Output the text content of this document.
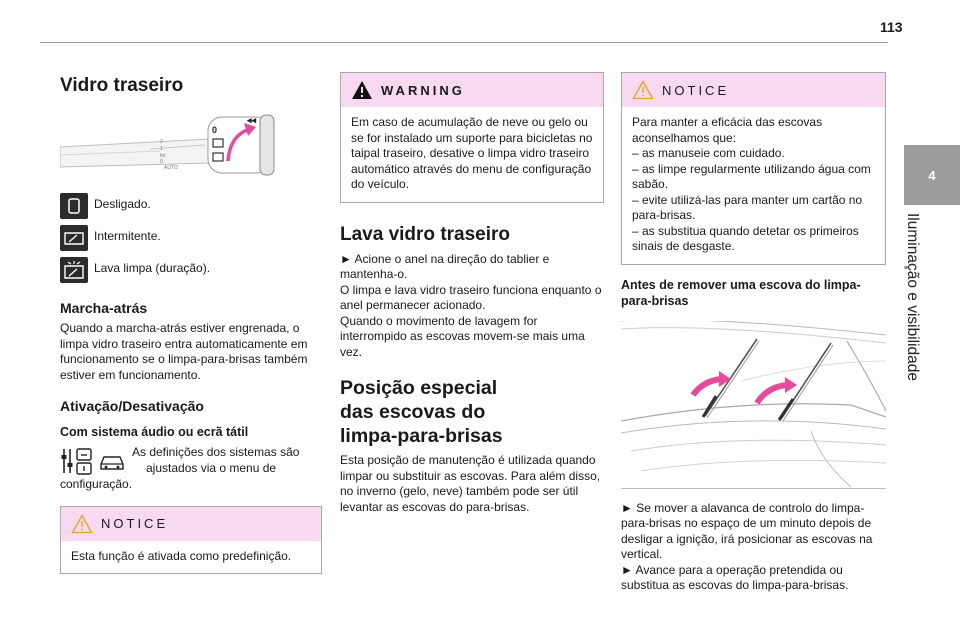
113
4
Iluminação e visibilidade
Vidro traseiro
2
1
Int
0
AUTO
0
◂◂
Desligado.
Intermitente.
Lava limpa (duração).
Marcha-atrás
Quando a marcha-atrás estiver engrenada, o limpa vidro traseiro entra automaticamente em funcionamento se o limpa-para-brisas também estiver em funcionamento.
Ativação/Desativação
Com sistema áudio ou ecrã tátil
As definições dos sistemas são
ajustados via o menu de
configuração.
NOTICE
Esta função é ativada como predefinição.
WARNING
Em caso de acumulação de neve ou gelo ou se for instalado um suporte para bicicletas no taipal traseiro, desative o limpa vidro traseiro automático através do menu de configuração do veículo.
Lava vidro traseiro
► Acione o anel na direção do tablier e mantenha-o.
O limpa e lava vidro traseiro funciona enquanto o anel permanecer acionado.
Quando o movimento de lavagem for interrompido as escovas movem-se mais uma vez.
Posição especial
das escovas do
limpa-para-brisas
Esta posição de manutenção é utilizada quando limpar ou substituir as escovas. Para além disso, no inverno (gelo, neve) também pode ser útil levantar as escovas do para-brisas.
NOTICE
Para manter a eficácia das escovas aconselhamos que:
– as manuseie com cuidado.
– as limpe regularmente utilizando água com sabão.
– evite utilizá-las para manter um cartão no para-brisas.
– as substitua quando detetar os primeiros sinais de desgaste.
Antes de remover uma escova do limpa-para-brisas
► Se mover a alavanca de controlo do limpa-para-brisas no espaço de um minuto depois de desligar a ignição, irá posicionar as escovas na vertical.
► Avance para a operação pretendida ou substitua as escovas do limpa-para-brisas.
